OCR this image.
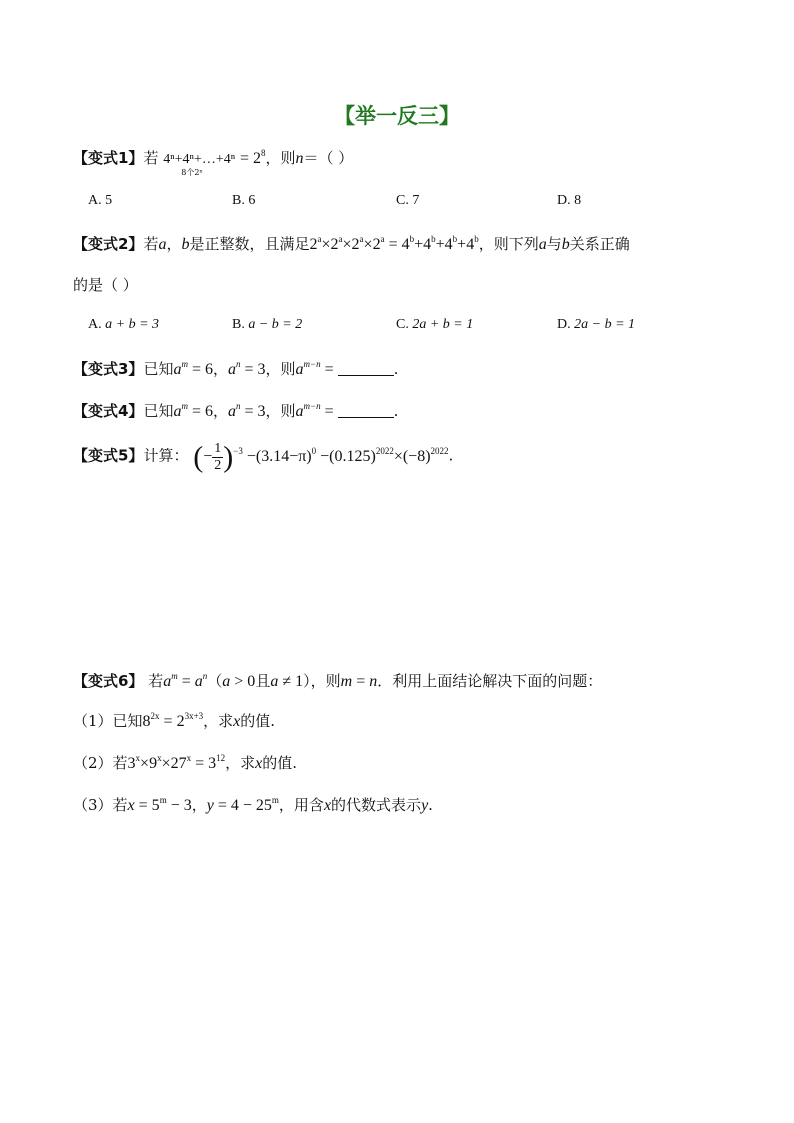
【举一反三】
【变式1】若 4ⁿ+4ⁿ+…+4ⁿ
8个2ⁿ
= $2^8$，则n＝（ ）
A. 5	B. 6	C. 7	D. 8
【变式2】若a，b是正整数，且满足$2^a\times 2^a\times 2^a\times 2^a = 4^b+4^b+4^b+4^b$，则下列a与b关系正确
的是（ ）
A. a + b = 3	B. a − b = 2	C. 2a + b = 1	D. 2a − b = 1
【变式3】已知$a^m = 6$，$a^n = 3$，则$a^{m-n}$ =	.
【变式4】已知$a^m = 6$，$a^n = 3$，则$a^{m-n}$ =	.
【变式5】计算： (− $\frac{1}{2} )^{-3} -(3.14-\pi)^0 -(0.125)^{2022}\times(-8)^{2022}$.
【变式6】 若$a^m = a^n(a > 0$且a ≠ 1），则m = n．利用上面结论解决下面的问题：
（1）已知$8^{2x} = 2^{3x+3}$，求x的值.
（2）若$3^x\times 9^x\times 27^x = 3^{12}$，求x的值.
（3）若$x = 5^m - 3$，$y = 4 - 25^m$，用含x的代数式表示y.
